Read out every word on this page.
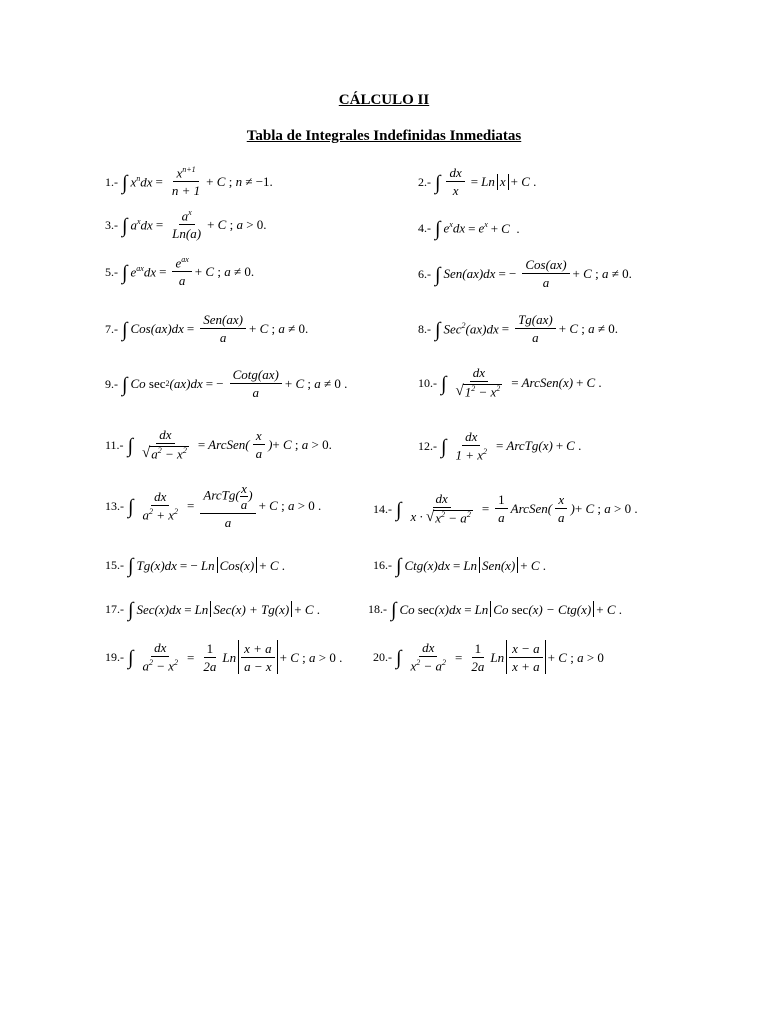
CÁLCULO II
Tabla de Integrales Indefinidas Inmediatas
1.- ∫ $x^ndx = \frac{x^{n+1}}{n + 1} + C$ ; n ≠ −1.	2.- ∫ $\frac{dx}{x} = Ln$ x + C .
3.- ∫ $a^xdx = \frac{a^x}{Ln(a)} + C$ ; a > 0.	4.- ∫ $e^xdx = e^x + C$ .
5.- ∫ $e^{ax}dx = \frac{e^{ax}}{a} + C$ ; a ≠ 0.	6.- ∫ Sen(ax)dx = − $\frac{\text{Cos(ax)}}{a} + C$ ; a ≠ 0.
7.- ∫ $Cos(ax)dx = \frac{\text{Sen(ax)}}{a} + C$ ; a ≠ 0.	8.- ∫ $Sec^2(ax)dx = \frac{Tg(ax)}{a} + C$ ; a ≠ 0.
9.- ∫ Co sec 2 (ax)dx = − $\frac{\text{Cotg(ax)}}{a} + C$ ; a ≠ 0 .	10.- ∫ $\frac{dx}{√ 1^2 - x^2}$ = ArcSen(x) + C .
11.- ∫ $\frac{dx}{√ a^2 - x^2}$ = ArcSen( $\frac{x}{a}$ ) + C ; a > 0.	12.- ∫ $\frac{dx}{1 + x^2}$ = ArcTg(x) + C .
13.- ∫ $\frac{dx}{a^2 + x^2} = \frac{ArcTg( \frac{x}{a} )}{a} + C$ ; a > 0 .	14.- ∫ $\frac{dx}{x \cdot √ x^2 - a^2} = \frac{1}{a}$ ArcSen( $\frac{x}{a}$ ) + C ; a > 0 .
15.- ∫ Tg(x)dx = − Ln Cos(x) + C .	16.- ∫ Ctg(x)dx = Ln Sen(x) + C .
17.- ∫ Sec(x)dx = Ln Sec(x) + Tg(x) + C .	18.- ∫ Co sec (x)dx = Ln Co sec (x) − Ctg(x) + C .
19.- ∫ $\frac{dx}{a^2 - x^2} = \frac{1}{2a}$ Ln $\frac{x + a}{a - x} + C$ ; a > 0 .	20.- ∫ $\frac{dx}{x^2 - a^2} = \frac{1}{2a}$ Ln $\frac{x - a}{x + a} + C$ ; a > 0
